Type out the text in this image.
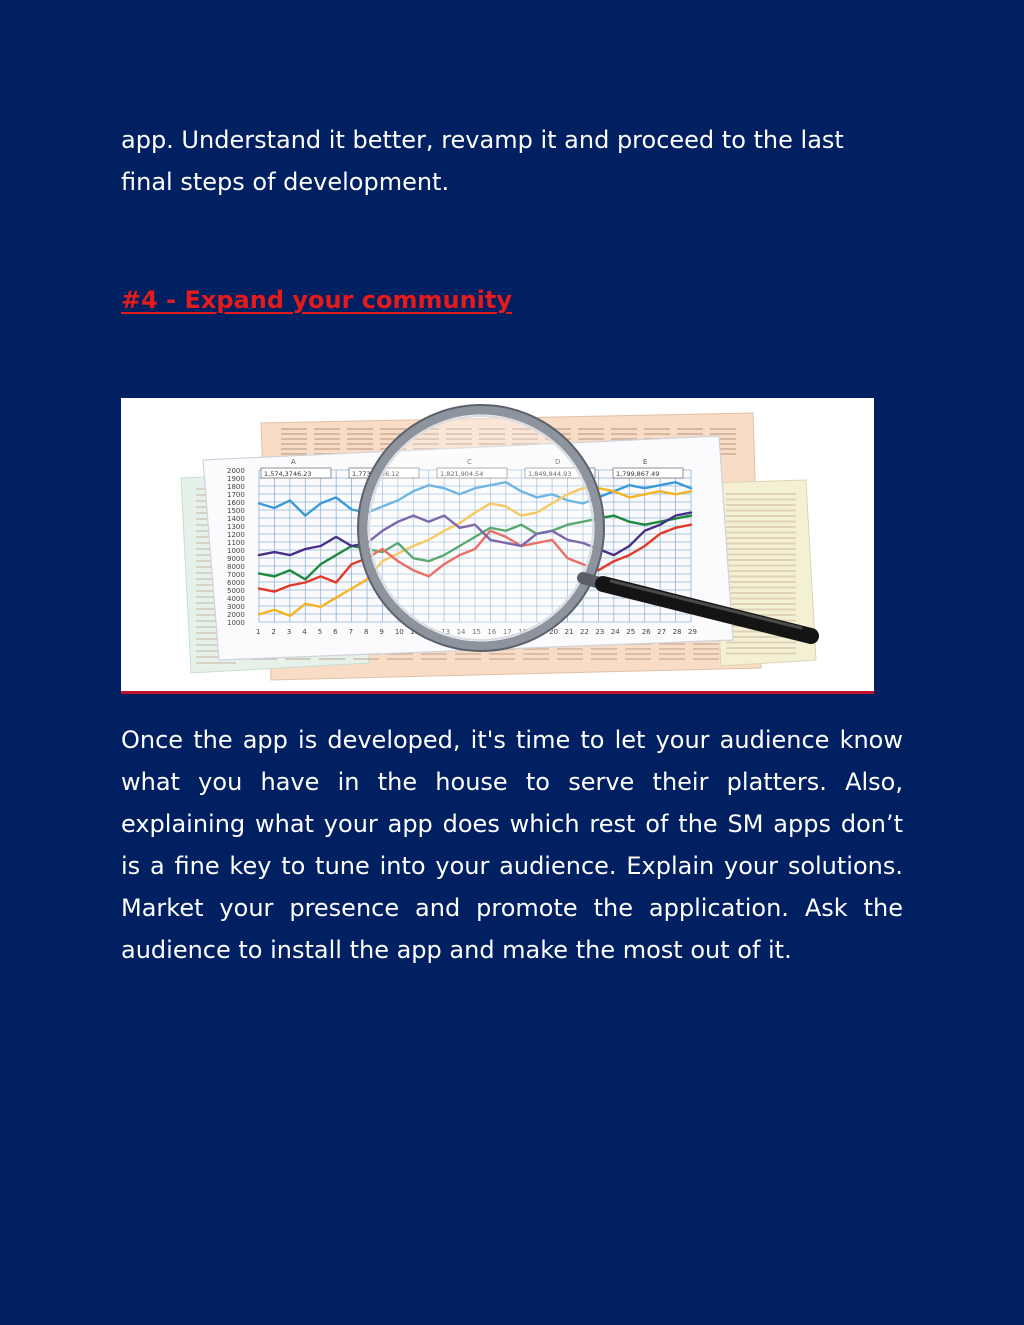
app. Understand it better, revamp it and proceed to the last final steps of development.

#4 - Expand your community

2000
1900
1800
1700
1600
1500
1400
1300
1200
1100
1000
9000
8000
7000
6000
5000
4000
3000
2000
1000
1 2 3 4 5 6 7 8 9 10 11 12 13 14 15 16 17 18 19 20 21 22 23 24 25 26 27 28 29
A	B	C	D	E
1,574,3746.23	1,773,3946.12	1,821,904.54	1,849,844.93	1,799,867.49

Once the app is developed, it's time to let your audience know what you have in the house to serve their platters. Also, explaining what your app does which rest of the SM apps don’t is a fine key to tune into your audience. Explain your solutions. Market your presence and promote the application. Ask the audience to install the app and make the most out of it.
